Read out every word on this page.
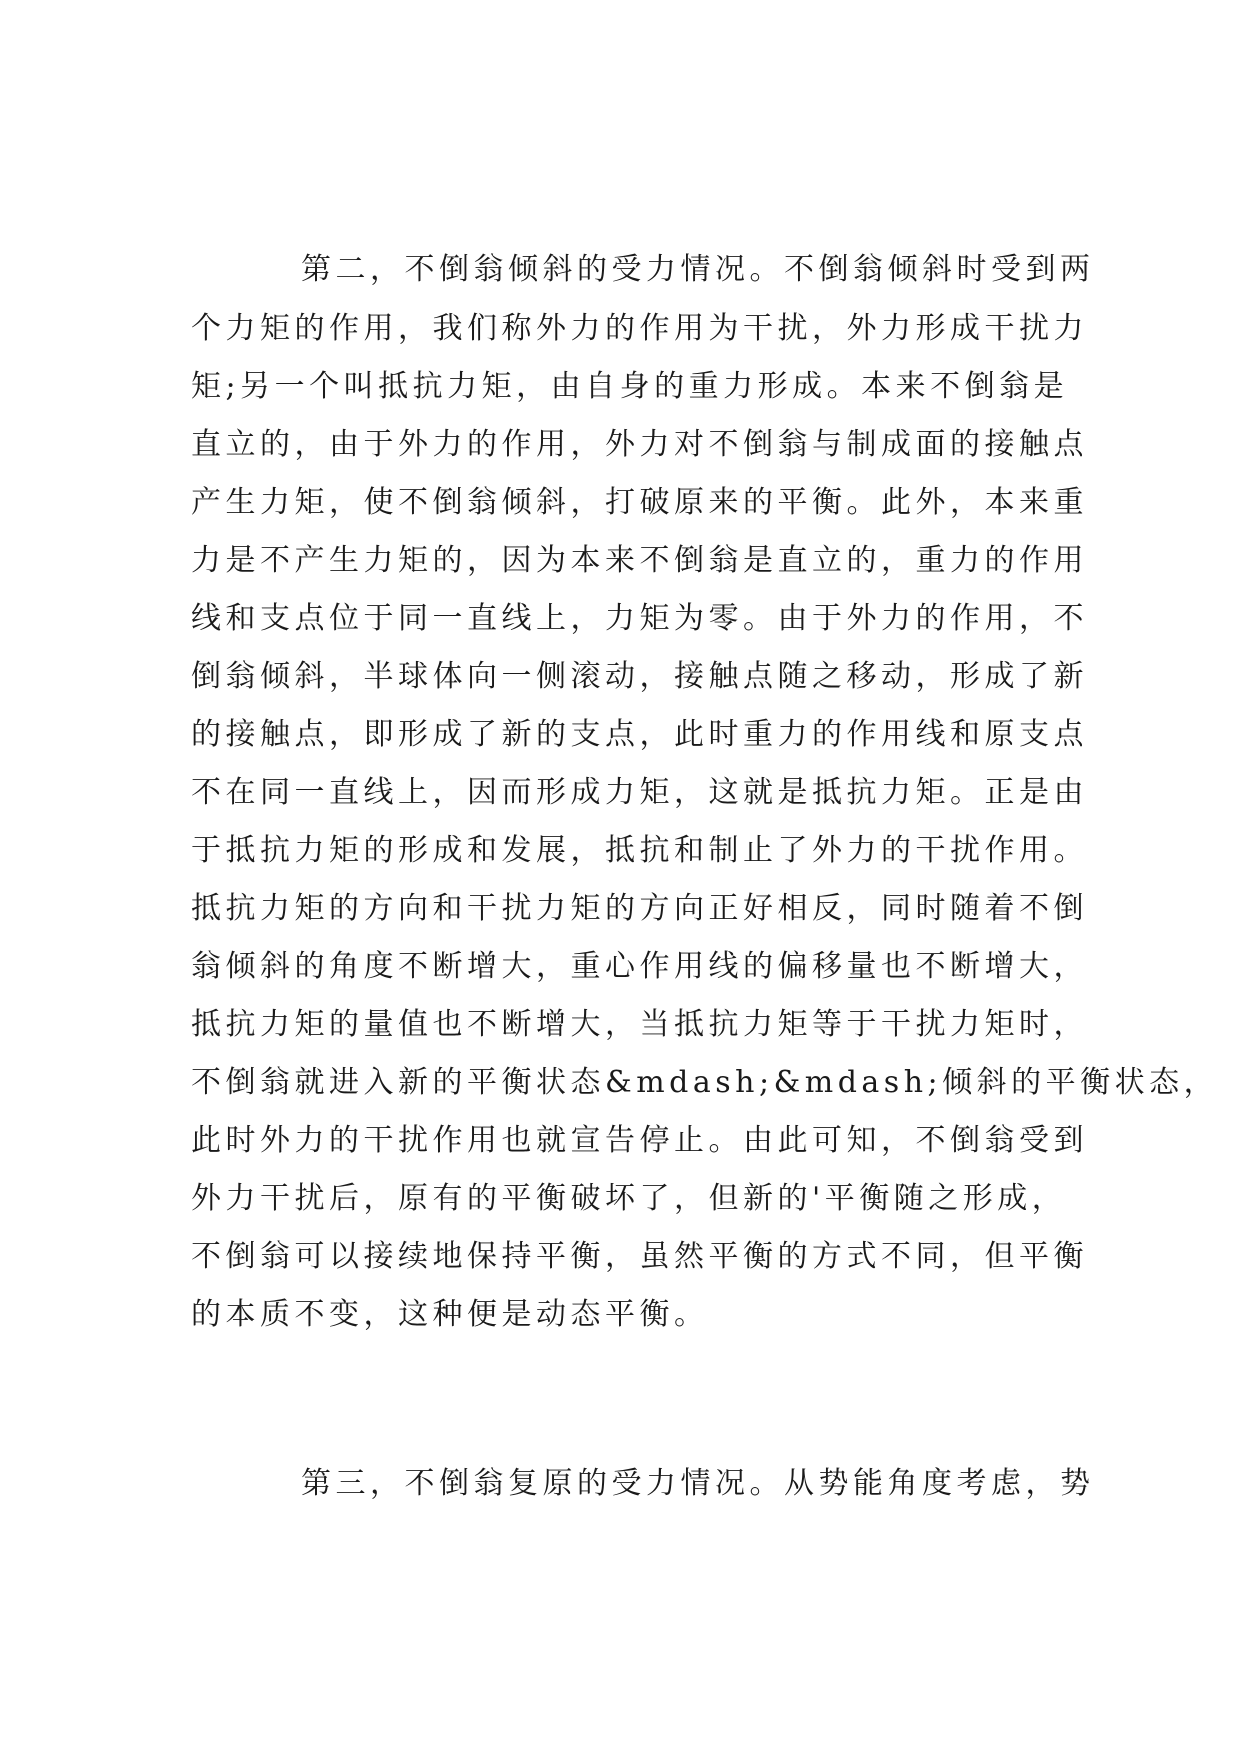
第二，不倒翁倾斜的受力情况。不倒翁倾斜时受到两
个力矩的作用，我们称外力的作用为干扰，外力形成干扰力
矩;另一个叫抵抗力矩，由自身的重力形成。本来不倒翁是
直立的，由于外力的作用，外力对不倒翁与制成面的接触点
产生力矩，使不倒翁倾斜，打破原来的平衡。此外，本来重
力是不产生力矩的，因为本来不倒翁是直立的，重力的作用
线和支点位于同一直线上，力矩为零。由于外力的作用，不
倒翁倾斜，半球体向一侧滚动，接触点随之移动，形成了新
的接触点，即形成了新的支点，此时重力的作用线和原支点
不在同一直线上，因而形成力矩，这就是抵抗力矩。正是由
于抵抗力矩的形成和发展，抵抗和制止了外力的干扰作用。
抵抗力矩的方向和干扰力矩的方向正好相反，同时随着不倒
翁倾斜的角度不断增大，重心作用线的偏移量也不断增大，
抵抗力矩的量值也不断增大，当抵抗力矩等于干扰力矩时，
不倒翁就进入新的平衡状态&mdash;&mdash;倾斜的平衡状态，
此时外力的干扰作用也就宣告停止。由此可知，不倒翁受到
外力干扰后，原有的平衡破坏了，但新的'平衡随之形成，
不倒翁可以接续地保持平衡，虽然平衡的方式不同，但平衡
的本质不变，这种便是动态平衡。
第三，不倒翁复原的受力情况。从势能角度考虑，势
